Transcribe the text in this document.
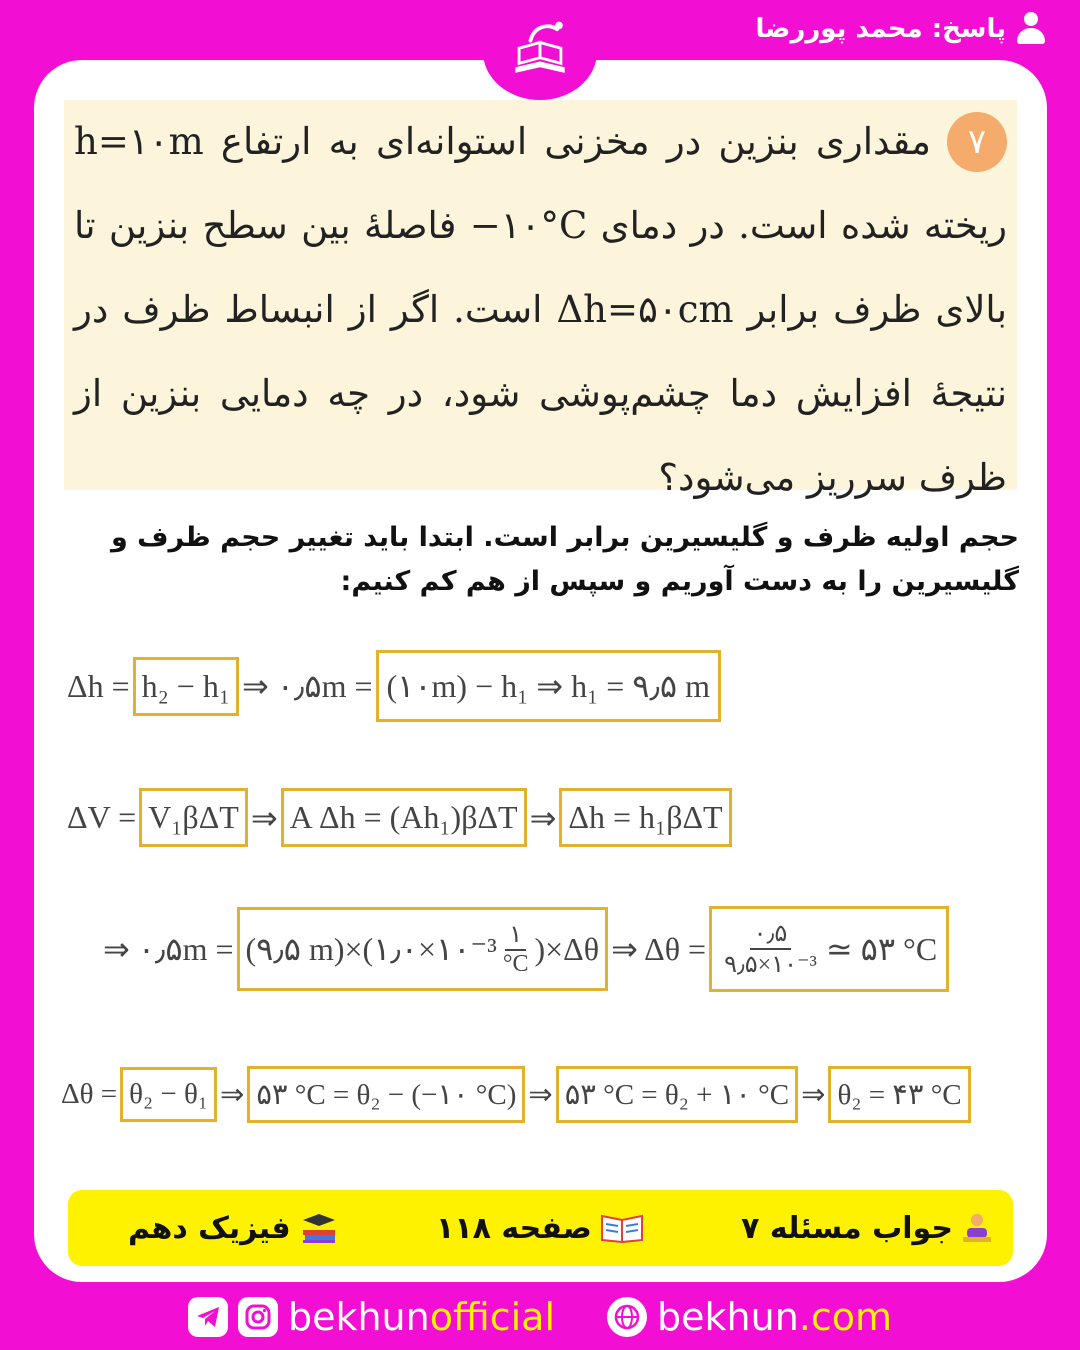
پاسخ: محمد پوررضا
۷

مقداری بنزین در مخزنی استوانه‌ای به ارتفاع h=۱۰m ریخته شده است. در دمای ‎−۱۰°C‎ فاصلهٔ بین سطح بنزین تا بالای ظرف برابر Δh=۵۰cm است. اگر از انبساط ظرف در نتیجهٔ افزایش دما چشم‌پوشی شود، در چه دمایی بنزین از ظرف سرریز می‌شود؟

حجم اولیه ظرف و گلیسیرین برابر است. ابتدا باید تغییر حجم ظرف و گلیسیرین را به دست آوریم و سپس از هم کم کنیم:

Δh = h₂ − h₁ ⇒ ۰٫۵m = (۱۰m) − h₁ ⇒ h₁ = ۹٫۵ m
ΔV = V₁βΔT ⇒ A Δh = (Ah₁)βΔT ⇒ Δh = h₁βΔT
⇒ ۰٫۵m = (۹٫۵ m)×(۱٫۰×۱۰⁻³ $\frac{۱}{^\circ C} )\times\Delta\theta$ ⇒ $\Delta\theta = \frac{۰٫۵}{\text{۹٫۵×۱۰⁻³}}$ ≃ ۵۳ °C
Δθ = θ₂ − θ₁ ⇒ ۵۳ °C = θ₂ − (−۱۰ °C) ⇒ ۵۳ °C = θ₂ + ۱۰ °C ⇒ θ₂ = ۴۳ °C
جواب مسئله ۷
صفحه ۱۱۸
فیزیک دهم
bekhunofficial	bekhun.com
